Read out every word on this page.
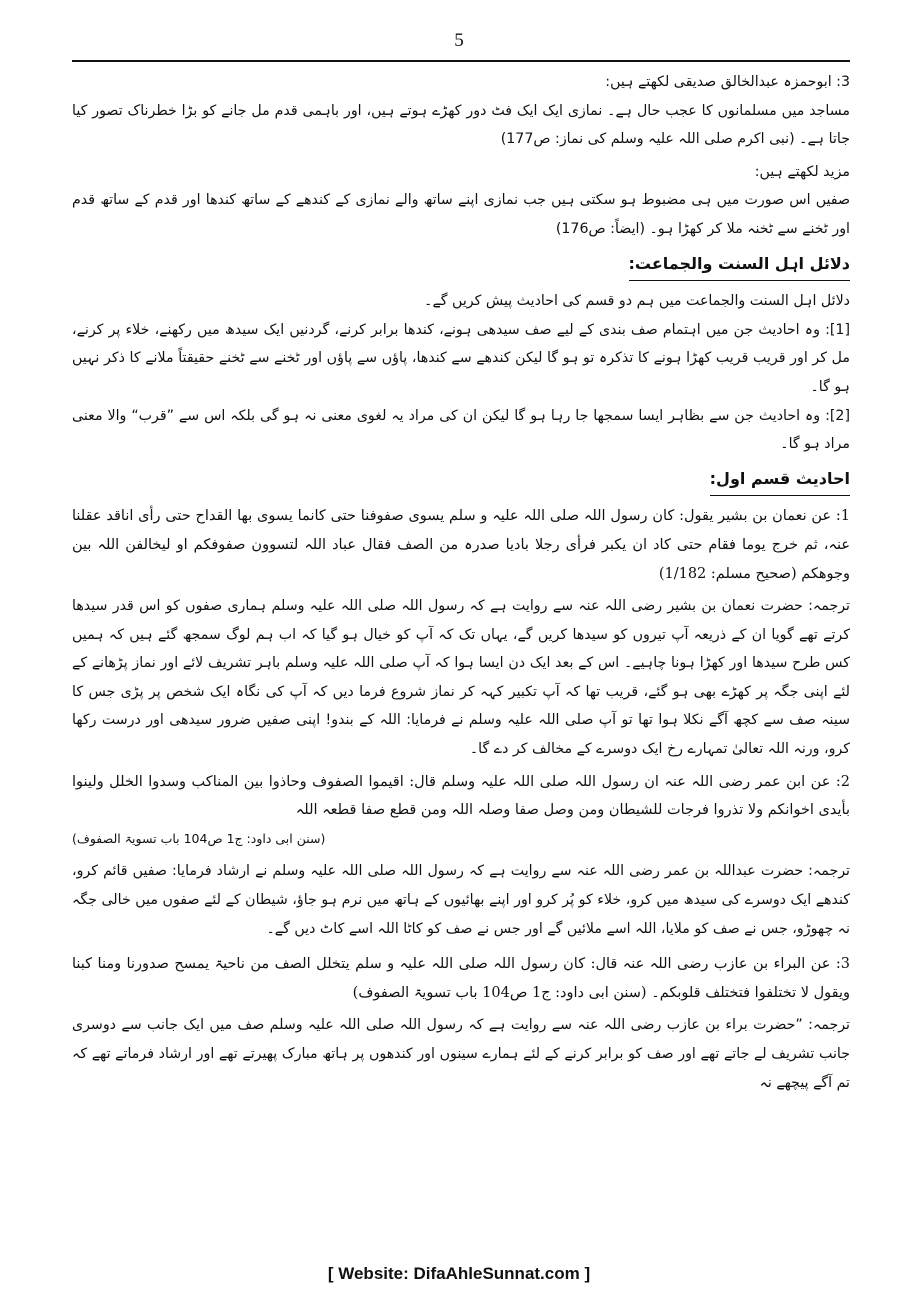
5

3: ابوحمزہ عبدالخالق صدیقی لکھتے ہیں:

مساجد میں مسلمانوں کا عجب حال ہے۔ نمازی ایک ایک فٹ دور کھڑے ہوتے ہیں، اور باہمی قدم مل جانے کو بڑا خطرناک تصور کیا جاتا ہے۔ (نبی اکرم صلی اللہ علیہ وسلم کی نماز: ص177)

مزید لکھتے ہیں:

صفیں اس صورت میں ہی مضبوط ہو سکتی ہیں جب نمازی اپنے ساتھ والے نمازی کے کندھے کے ساتھ کندھا اور قدم کے ساتھ قدم اور ٹخنے سے ٹخنہ ملا کر کھڑا ہو۔ (ایضاً: ص176)

دلائل اہل السنت والجماعت:

دلائل اہل السنت والجماعت میں ہم دو قسم کی احادیث پیش کریں گے۔

[1]: وہ احادیث جن میں اہتمام صف بندی کے لیے صف سیدھی ہونے، کندھا برابر کرنے، گردنیں ایک سیدھ میں رکھنے، خلاء پر کرنے، مل کر اور قریب قریب کھڑا ہونے کا تذکرہ تو ہو گا لیکن کندھے سے کندھا، پاؤں سے پاؤں اور ٹخنے سے ٹخنے حقیقتاً ملانے کا ذکر نہیں ہو گا۔

[2]: وہ احادیث جن سے بظاہر ایسا سمجھا جا رہا ہو گا لیکن ان کی مراد یہ لغوی معنی نہ ہو گی بلکہ اس سے ”قرب“ والا معنی مراد ہو گا۔

احادیث قسم اول:

1: عن نعمان بن بشیر یقول: کان رسول اللہ صلی اللہ علیہ و سلم یسوی صفوفنا حتی کانما یسوی بھا القداح حتی رأی اناقد عقلنا عنہ، ثم خرج یوما فقام حتی کاد ان یکبر فرأی رجلا بادیا صدرہ من الصف فقال عباد اللہ لتسوون صفوفکم او لیخالفن اللہ بین وجوھکم (صحیح مسلم: 1/182)

ترجمہ: حضرت نعمان بن بشیر رضی اللہ عنہ سے روایت ہے کہ رسول اللہ صلی اللہ علیہ وسلم ہماری صفوں کو اس قدر سیدھا کرتے تھے گویا ان کے ذریعہ آپ تیروں کو سیدھا کریں گے، یہاں تک کہ آپ کو خیال ہو گیا کہ اب ہم لوگ سمجھ گئے ہیں کہ ہمیں کس طرح سیدھا اور کھڑا ہونا چاہیے۔ اس کے بعد ایک دن ایسا ہوا کہ آپ صلی اللہ علیہ وسلم باہر تشریف لائے اور نماز پڑھانے کے لئے اپنی جگہ پر کھڑے بھی ہو گئے، قریب تھا کہ آپ تکبیر کہہ کر نماز شروع فرما دیں کہ آپ کی نگاہ ایک شخص پر پڑی جس کا سینہ صف سے کچھ آگے نکلا ہوا تھا تو آپ صلی اللہ علیہ وسلم نے فرمایا: اللہ کے بندو! اپنی صفیں ضرور سیدھی اور درست رکھا کرو، ورنہ اللہ تعالیٰ تمہارے رخ ایک دوسرے کے مخالف کر دے گا۔

2: عن ابن عمر رضی اللہ عنہ ان رسول اللہ صلی اللہ علیہ وسلم قال: اقیموا الصفوف وحاذوا بین المناکب وسدوا الخلل ولینوا بأیدی اخوانکم ولا تذروا فرجات للشیطان ومن وصل صفا وصلہ اللہ ومن قطع صفا قطعہ اللہ

(سنن ابی داود: ج1 ص104 باب تسویۃ الصفوف)

ترجمہ: حضرت عبداللہ بن عمر رضی اللہ عنہ سے روایت ہے کہ رسول اللہ صلی اللہ علیہ وسلم نے ارشاد فرمایا: صفیں قائم کرو، کندھے ایک دوسرے کی سیدھ میں کرو، خلاء کو پُر کرو اور اپنے بھائیوں کے ہاتھ میں نرم ہو جاؤ، شیطان کے لئے صفوں میں خالی جگہ نہ چھوڑو، جس نے صف کو ملایا، اللہ اسے ملائیں گے اور جس نے صف کو کاٹا اللہ اسے کاٹ دیں گے۔

3: عن البراء بن عازب رضی اللہ عنہ قال: کان رسول اللہ صلی اللہ علیہ و سلم یتخلل الصف من ناحیۃ یمسح صدورنا ومنا کبنا ویقول لا تختلفوا فتختلف قلوبکم۔ (سنن ابی داود: ج1 ص104 باب تسویۃ الصفوف)

ترجمہ: ”حضرت براء بن عازب رضی اللہ عنہ سے روایت ہے کہ رسول اللہ صلی اللہ علیہ وسلم صف میں ایک جانب سے دوسری جانب تشریف لے جاتے تھے اور صف کو برابر کرنے کے لئے ہمارے سینوں اور کندھوں پر ہاتھ مبارک پھیرتے تھے اور ارشاد فرماتے تھے کہ تم آگے پیچھے نہ

[ Website: DifaAhleSunnat.com ]
